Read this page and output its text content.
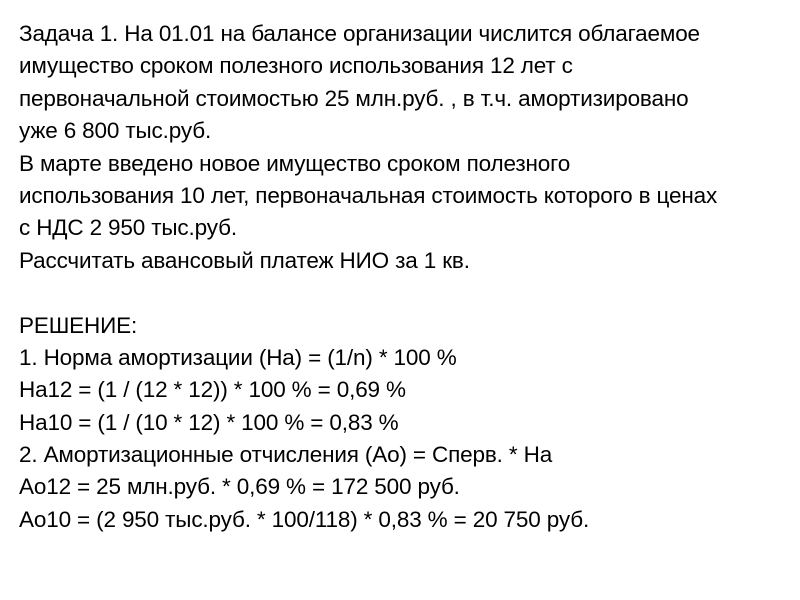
Задача 1. На 01.01 на балансе организации числится облагаемое
имущество сроком полезного использования 12 лет с
первоначальной стоимостью 25 млн.руб. , в т.ч. амортизировано
уже 6 800 тыс.руб.
В марте введено новое имущество сроком полезного
использования 10 лет, первоначальная стоимость которого в ценах
с НДС 2 950 тыс.руб.
Рассчитать авансовый платеж НИО за 1 кв.
РЕШЕНИЕ:
1. Норма амортизации (На) = (1/n) * 100 %
На12 = (1 / (12 * 12)) * 100 % = 0,69 %
На10 = (1 / (10 * 12) * 100 % = 0,83 %
2. Амортизационные отчисления (Ао) = Сперв. * На
Ао12 = 25 млн.руб. * 0,69 % = 172 500 руб.
Ао10 = (2 950 тыс.руб. * 100/118) * 0,83 % = 20 750 руб.
